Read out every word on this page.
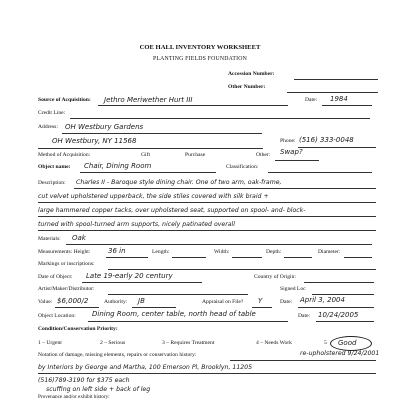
COE HALL INVENTORY WORKSHEET
PLANTING FIELDS FOUNDATION
Accession Number:
Other Number:
Source of Acquisition: Jethro Meriwether Hurt III	Date: 1984
Credit Line:
Address: OH Westbury Gardens
OH Westbury, NY 11568	Phone: (516) 333-0048
Method of Acquisition:	Gift	Purchase	Other: Swap?
Object name: Chair, Dining Room	Classification:
Description: Charles II - Baroque style dining chair. One of two arm, oak-frame,
cut velvet upholstered upperback, the side stiles covered with silk braid +
large hammered copper tacks, over upholstered seat, supported on spool- and- block-
turned with spool-turned arm supports, nicely patinated overall
Materials: Oak
Measurements: Height:	36 in	Length:	Width:	Depth:	Diameter:
Markings or inscriptions:
Date of Object: Late 19-early 20 century	Country of Origin:
Artist/Maker/Distributor:	Signed Loc
Value: $6,000/2	Authority: JB	Appraisal on File? Y	Date: April 3, 2004
Object Location: Dining Room, center table, north head of table	Date: 10/24/2005
Condition/Conservation Priority:
1 – Urgent	2 – Serious	3 – Requires Treatment	4 – Needs Work	5 Good
Notation of damage, missing elements, repairs or conservation history:	re-upholstered 9/24/2001
by Interiors by George and Martha, 100 Emerson Pl, Brooklyn, 11205
(516)789-3190 for $375 each
scuffing on left side + back of leg
Provenance and/or exhibit history:
